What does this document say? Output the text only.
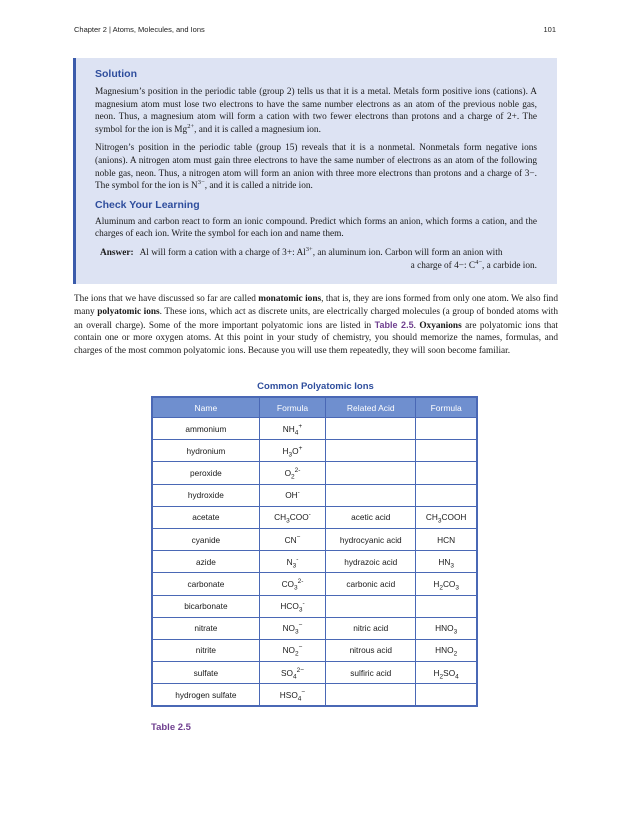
Chapter 2 | Atoms, Molecules, and Ions	101
Solution

Magnesium’s position in the periodic table (group 2) tells us that it is a metal. Metals form positive ions (cations). A magnesium atom must lose two electrons to have the same number electrons as an atom of the previous noble gas, neon. Thus, a magnesium atom will form a cation with two fewer electrons than protons and a charge of 2+. The symbol for the ion is $Mg^{2+}$, and it is called a magnesium ion.

Nitrogen’s position in the periodic table (group 15) reveals that it is a nonmetal. Nonmetals form negative ions (anions). A nitrogen atom must gain three electrons to have the same number of electrons as an atom of the following noble gas, neon. Thus, a nitrogen atom will form an anion with three more electrons than protons and a charge of 3−. The symbol for the ion is $N^{3-}$, and it is called a nitride ion.

Check Your Learning

Aluminum and carbon react to form an ionic compound. Predict which forms an anion, which forms a cation, and the charges of each ion. Write the symbol for each ion and name them.

Answer: Al will form a cation with a charge of 3+: $Al^{3+}$, an aluminum ion. Carbon will form an anion with
a charge of 4−: $C^{4-}$, a carbide ion.

The ions that we have discussed so far are called monatomic ions, that is, they are ions formed from only one atom. We also find many polyatomic ions. These ions, which act as discrete units, are electrically charged molecules (a group of bonded atoms with an overall charge). Some of the more important polyatomic ions are listed in Table 2.5. Oxyanions are polyatomic ions that contain one or more oxygen atoms. At this point in your study of chemistry, you should memorize the names, formulas, and charges of the most common polyatomic ions. Because you will use them repeatedly, they will soon become familiar.

Common Polyatomic Ions
Name	Formula	Related Acid	Formula
ammonium	$NH_4^+$		
hydronium	$H_3O^+$		
peroxide	$O_2^{2-}$		
hydroxide	OH-		
acetate	$CH_3COO^-$	acetic acid	$CH_3COOH$
cyanide	CN−	hydrocyanic acid	HCN
azide	$N_3^-$	hydrazoic acid	$HN_3$
carbonate	$CO_3^{2-}$	carbonic acid	$H_2CO_3$
bicarbonate	$HCO_3^-$		
nitrate	$NO_3^-$	nitric acid	$HNO_3$
nitrite	$NO_2^-$	nitrous acid	$HNO_2$
sulfate	$SO_4^{2-}$	sulfiric acid	$H_2SO_4$
hydrogen sulfate	$HSO_4^-$		
Table 2.5
